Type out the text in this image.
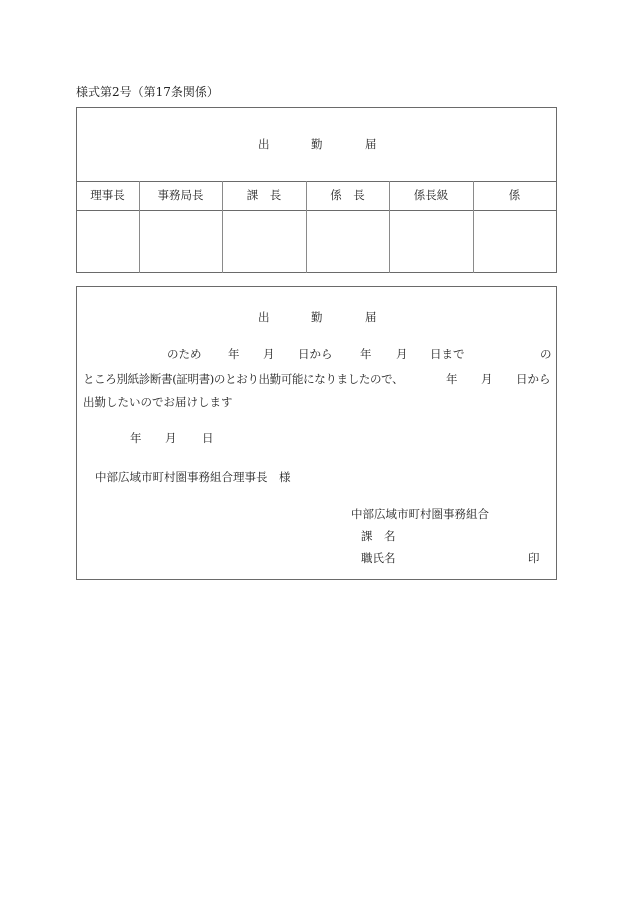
様式第2号（第17条関係）
出	勤	届
理事長	事務局長	課　長	係　長	係長級	係
出	勤	届
のため 年 月 日から 年 月 日まで	の
ところ別紙診断書(証明書)のとおり出勤可能になりましたので、	年 月 日から
出勤したいのでお届けします
年 月 日
中部広域市町村圏事務組合理事長　様
中部広域市町村圏事務組合
課　名
職氏名	印
